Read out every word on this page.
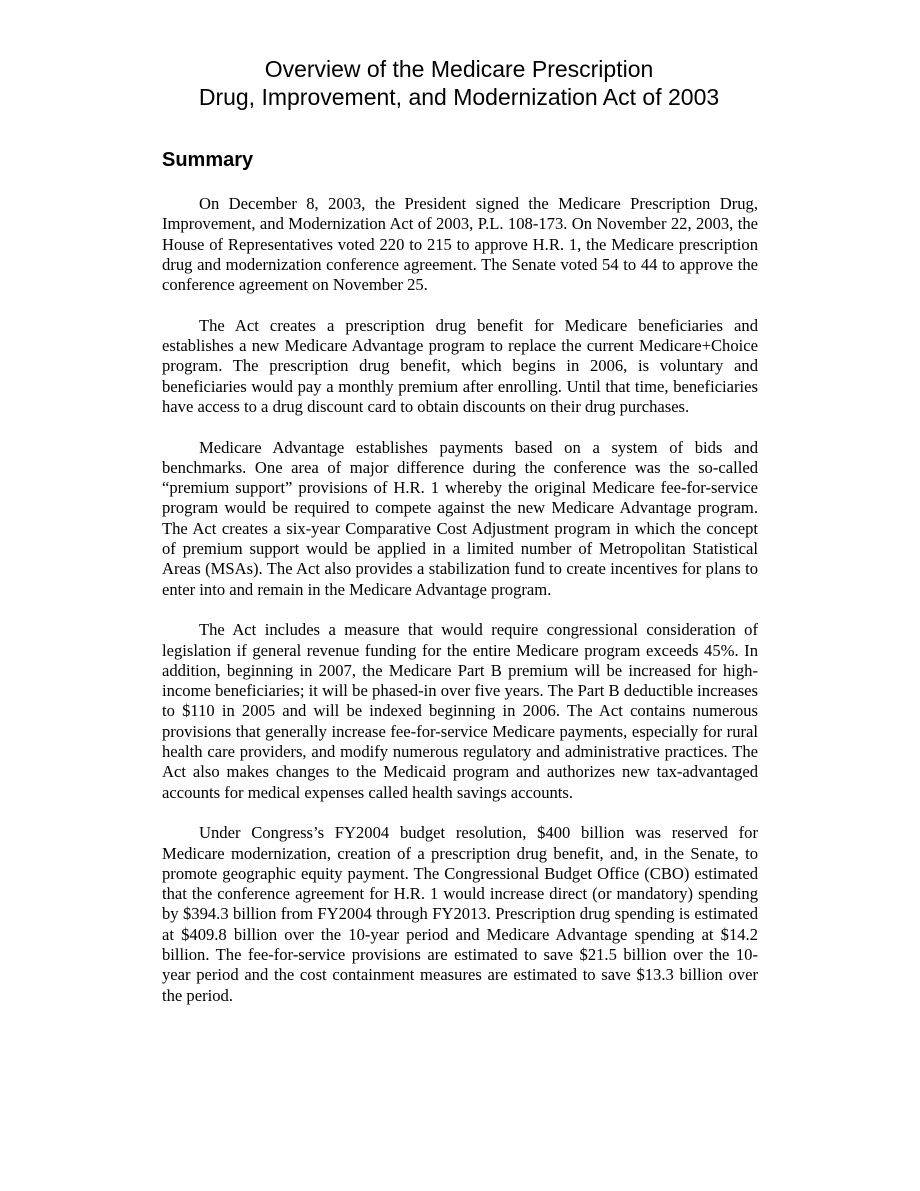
Overview of the Medicare Prescription
Drug, Improvement, and Modernization Act of 2003
Summary

On December 8, 2003, the President signed the Medicare Prescription Drug, Improvement, and Modernization Act of 2003, P.L. 108-173. On November 22, 2003, the House of Representatives voted 220 to 215 to approve H.R. 1, the Medicare prescription drug and modernization conference agreement. The Senate voted 54 to 44 to approve the conference agreement on November 25.

The Act creates a prescription drug benefit for Medicare beneficiaries and establishes a new Medicare Advantage program to replace the current Medicare+Choice program. The prescription drug benefit, which begins in 2006, is voluntary and beneficiaries would pay a monthly premium after enrolling. Until that time, beneficiaries have access to a drug discount card to obtain discounts on their drug purchases.

Medicare Advantage establishes payments based on a system of bids and benchmarks. One area of major difference during the conference was the so-called “premium support” provisions of H.R. 1 whereby the original Medicare fee-for-service program would be required to compete against the new Medicare Advantage program. The Act creates a six-year Comparative Cost Adjustment program in which the concept of premium support would be applied in a limited number of Metropolitan Statistical Areas (MSAs). The Act also provides a stabilization fund to create incentives for plans to enter into and remain in the Medicare Advantage program.

The Act includes a measure that would require congressional consideration of legislation if general revenue funding for the entire Medicare program exceeds 45%. In addition, beginning in 2007, the Medicare Part B premium will be increased for high-income beneficiaries; it will be phased-in over five years. The Part B deductible increases to $110 in 2005 and will be indexed beginning in 2006. The Act contains numerous provisions that generally increase fee-for-service Medicare payments, especially for rural health care providers, and modify numerous regulatory and administrative practices. The Act also makes changes to the Medicaid program and authorizes new tax-advantaged accounts for medical expenses called health savings accounts.

Under Congress’s FY2004 budget resolution, $400 billion was reserved for Medicare modernization, creation of a prescription drug benefit, and, in the Senate, to promote geographic equity payment. The Congressional Budget Office (CBO) estimated that the conference agreement for H.R. 1 would increase direct (or mandatory) spending by $394.3 billion from FY2004 through FY2013. Prescription drug spending is estimated at $409.8 billion over the 10-year period and Medicare Advantage spending at $14.2 billion. The fee-for-service provisions are estimated to save $21.5 billion over the 10-year period and the cost containment measures are estimated to save $13.3 billion over the period.
